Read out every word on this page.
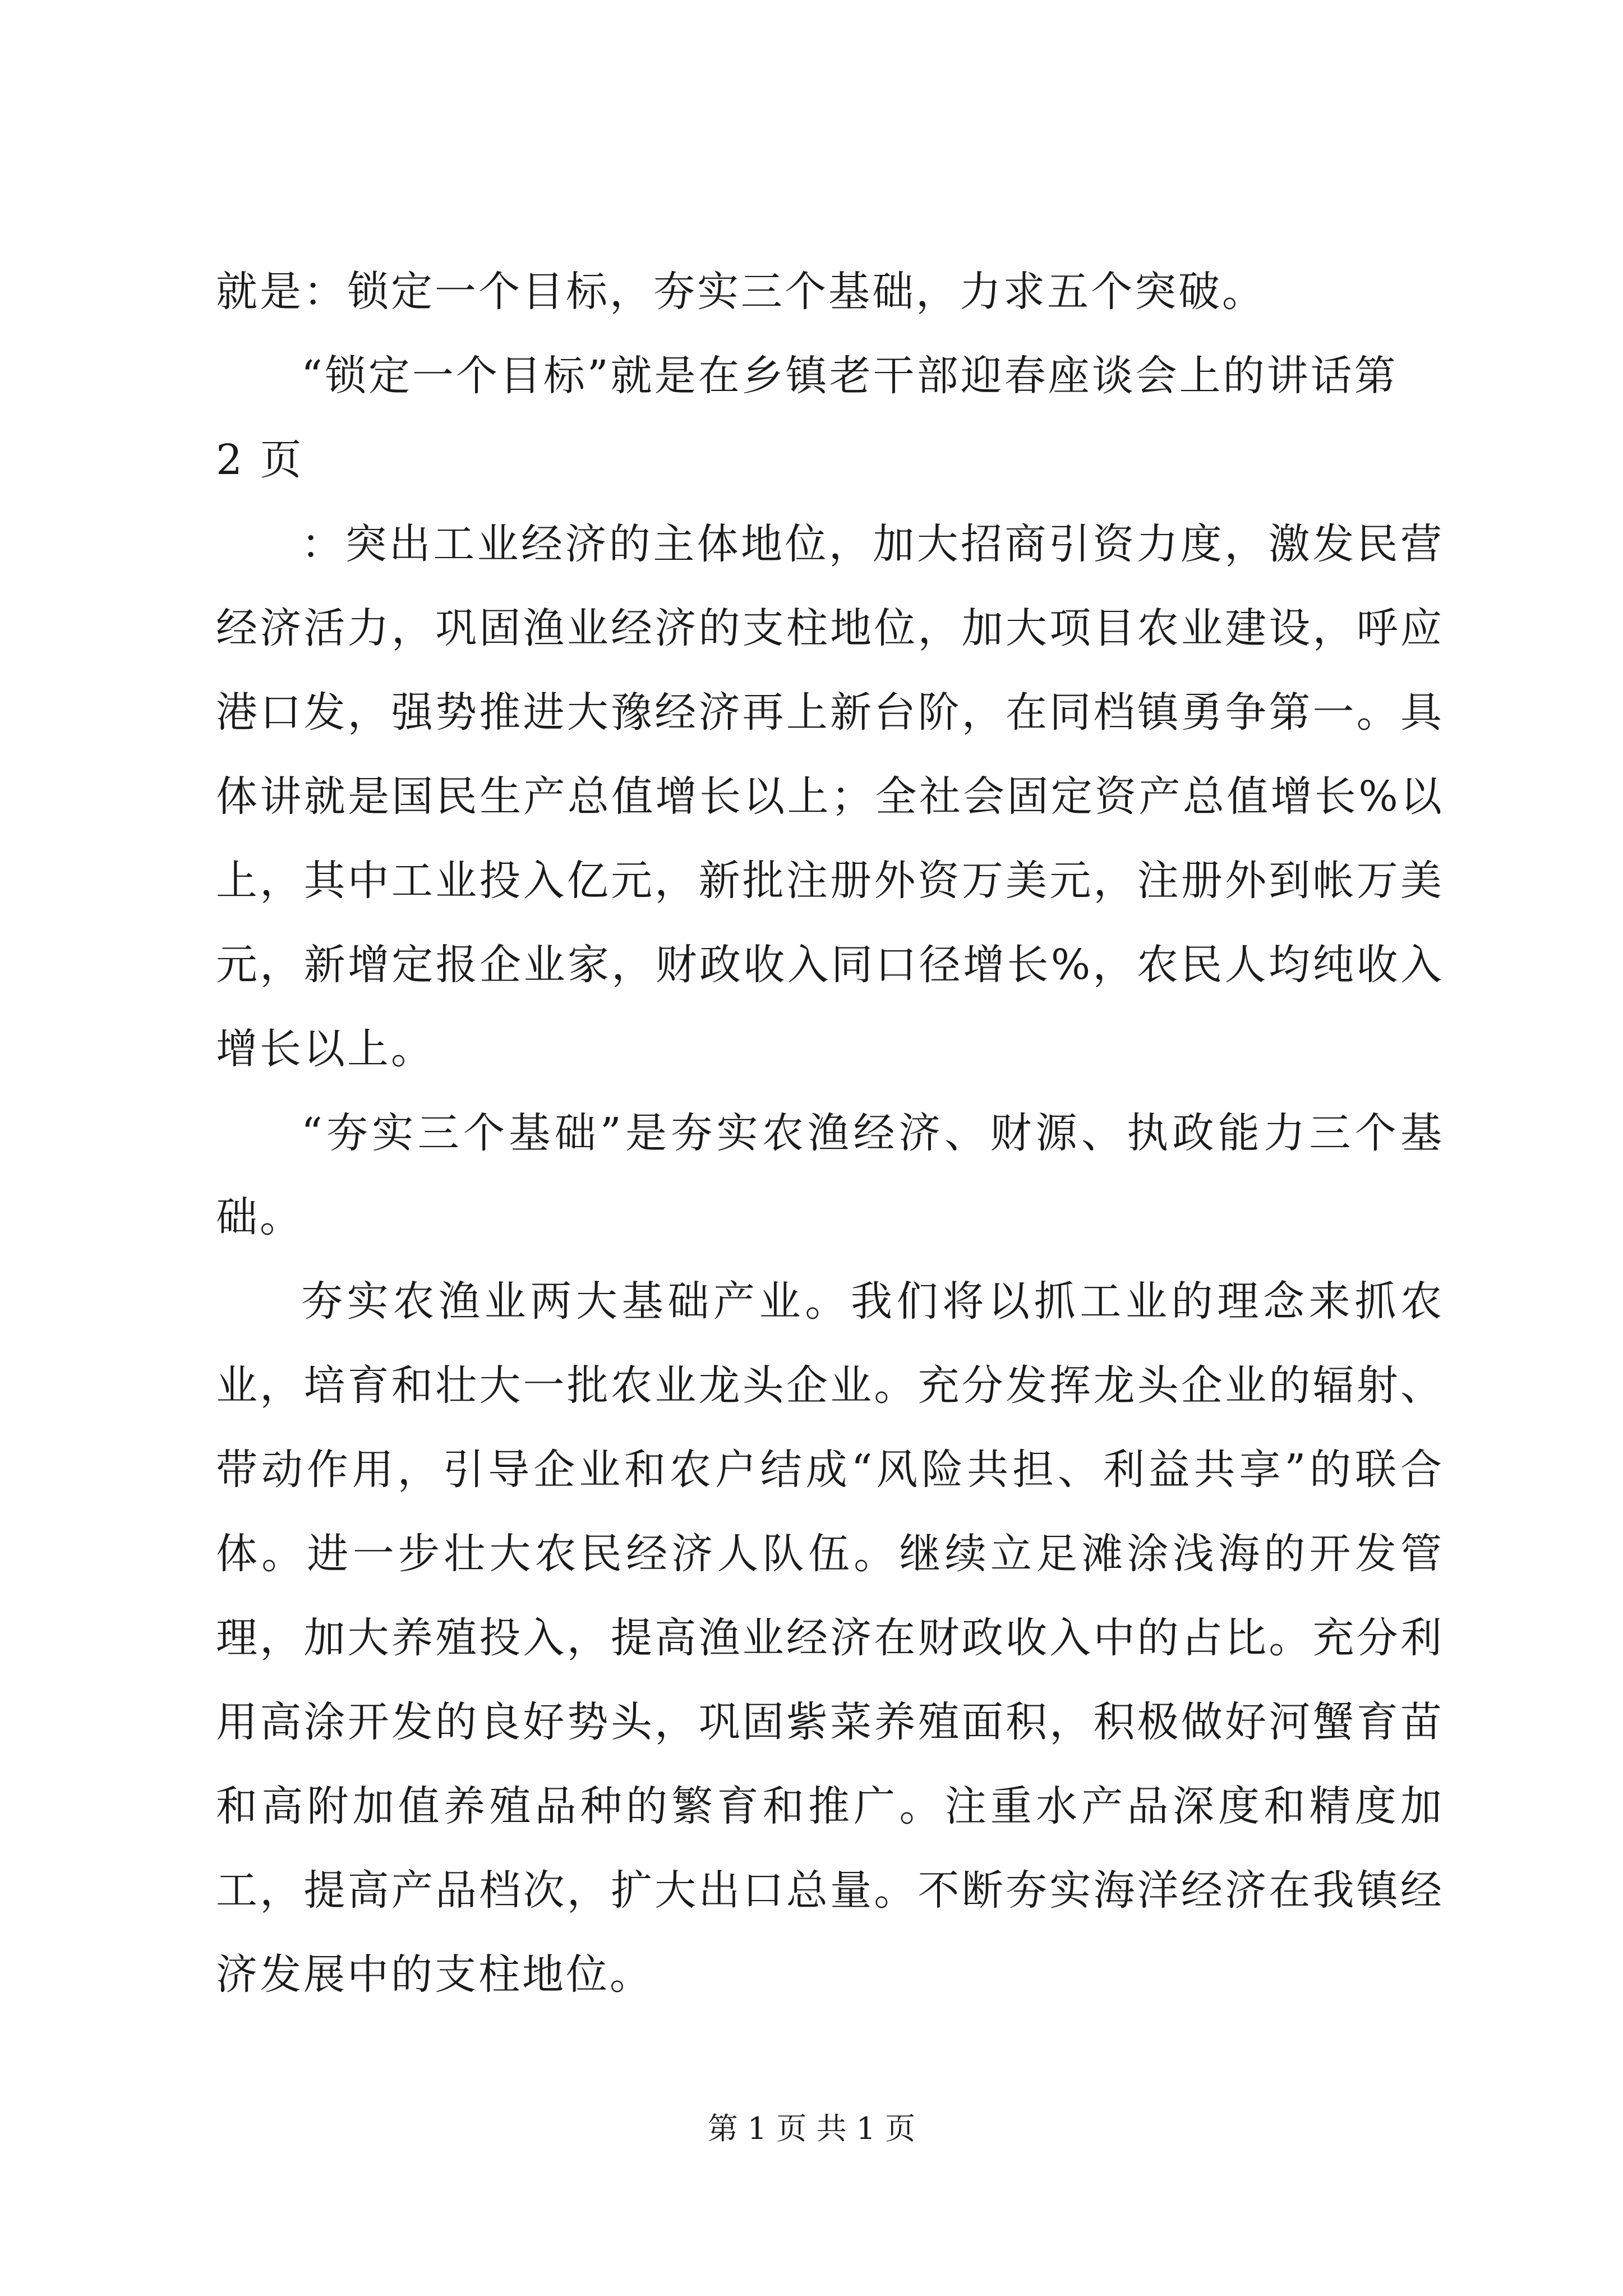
就是：锁定一个目标，夯实三个基础，力求五个突破。

“锁定一个目标”就是在乡镇老干部迎春座谈会上的讲话第

2 页

：突出工业经济的主体地位，加大招商引资力度，激发民营经济活力，巩固渔业经济的支柱地位，加大项目农业建设，呼应港口发，强势推进大豫经济再上新台阶，在同档镇勇争第一。具体讲就是国民生产总值增长以上；全社会固定资产总值增长%以上，其中工业投入亿元，新批注册外资万美元，注册外到帐万美元，新增定报企业家，财政收入同口径增长%，农民人均纯收入增长以上。

“夯实三个基础”是夯实农渔经济、财源、执政能力三个基础。

夯实农渔业两大基础产业。我们将以抓工业的理念来抓农业，培育和壮大一批农业龙头企业。充分发挥龙头企业的辐射、带动作用，引导企业和农户结成“风险共担、利益共享”的联合体。进一步壮大农民经济人队伍。继续立足滩涂浅海的开发管理，加大养殖投入，提高渔业经济在财政收入中的占比。充分利用高涂开发的良好势头，巩固紫菜养殖面积，积极做好河蟹育苗和高附加值养殖品种的繁育和推广。注重水产品深度和精度加工，提高产品档次，扩大出口总量。不断夯实海洋经济在我镇经济发展中的支柱地位。

第 1 页 共 1 页
